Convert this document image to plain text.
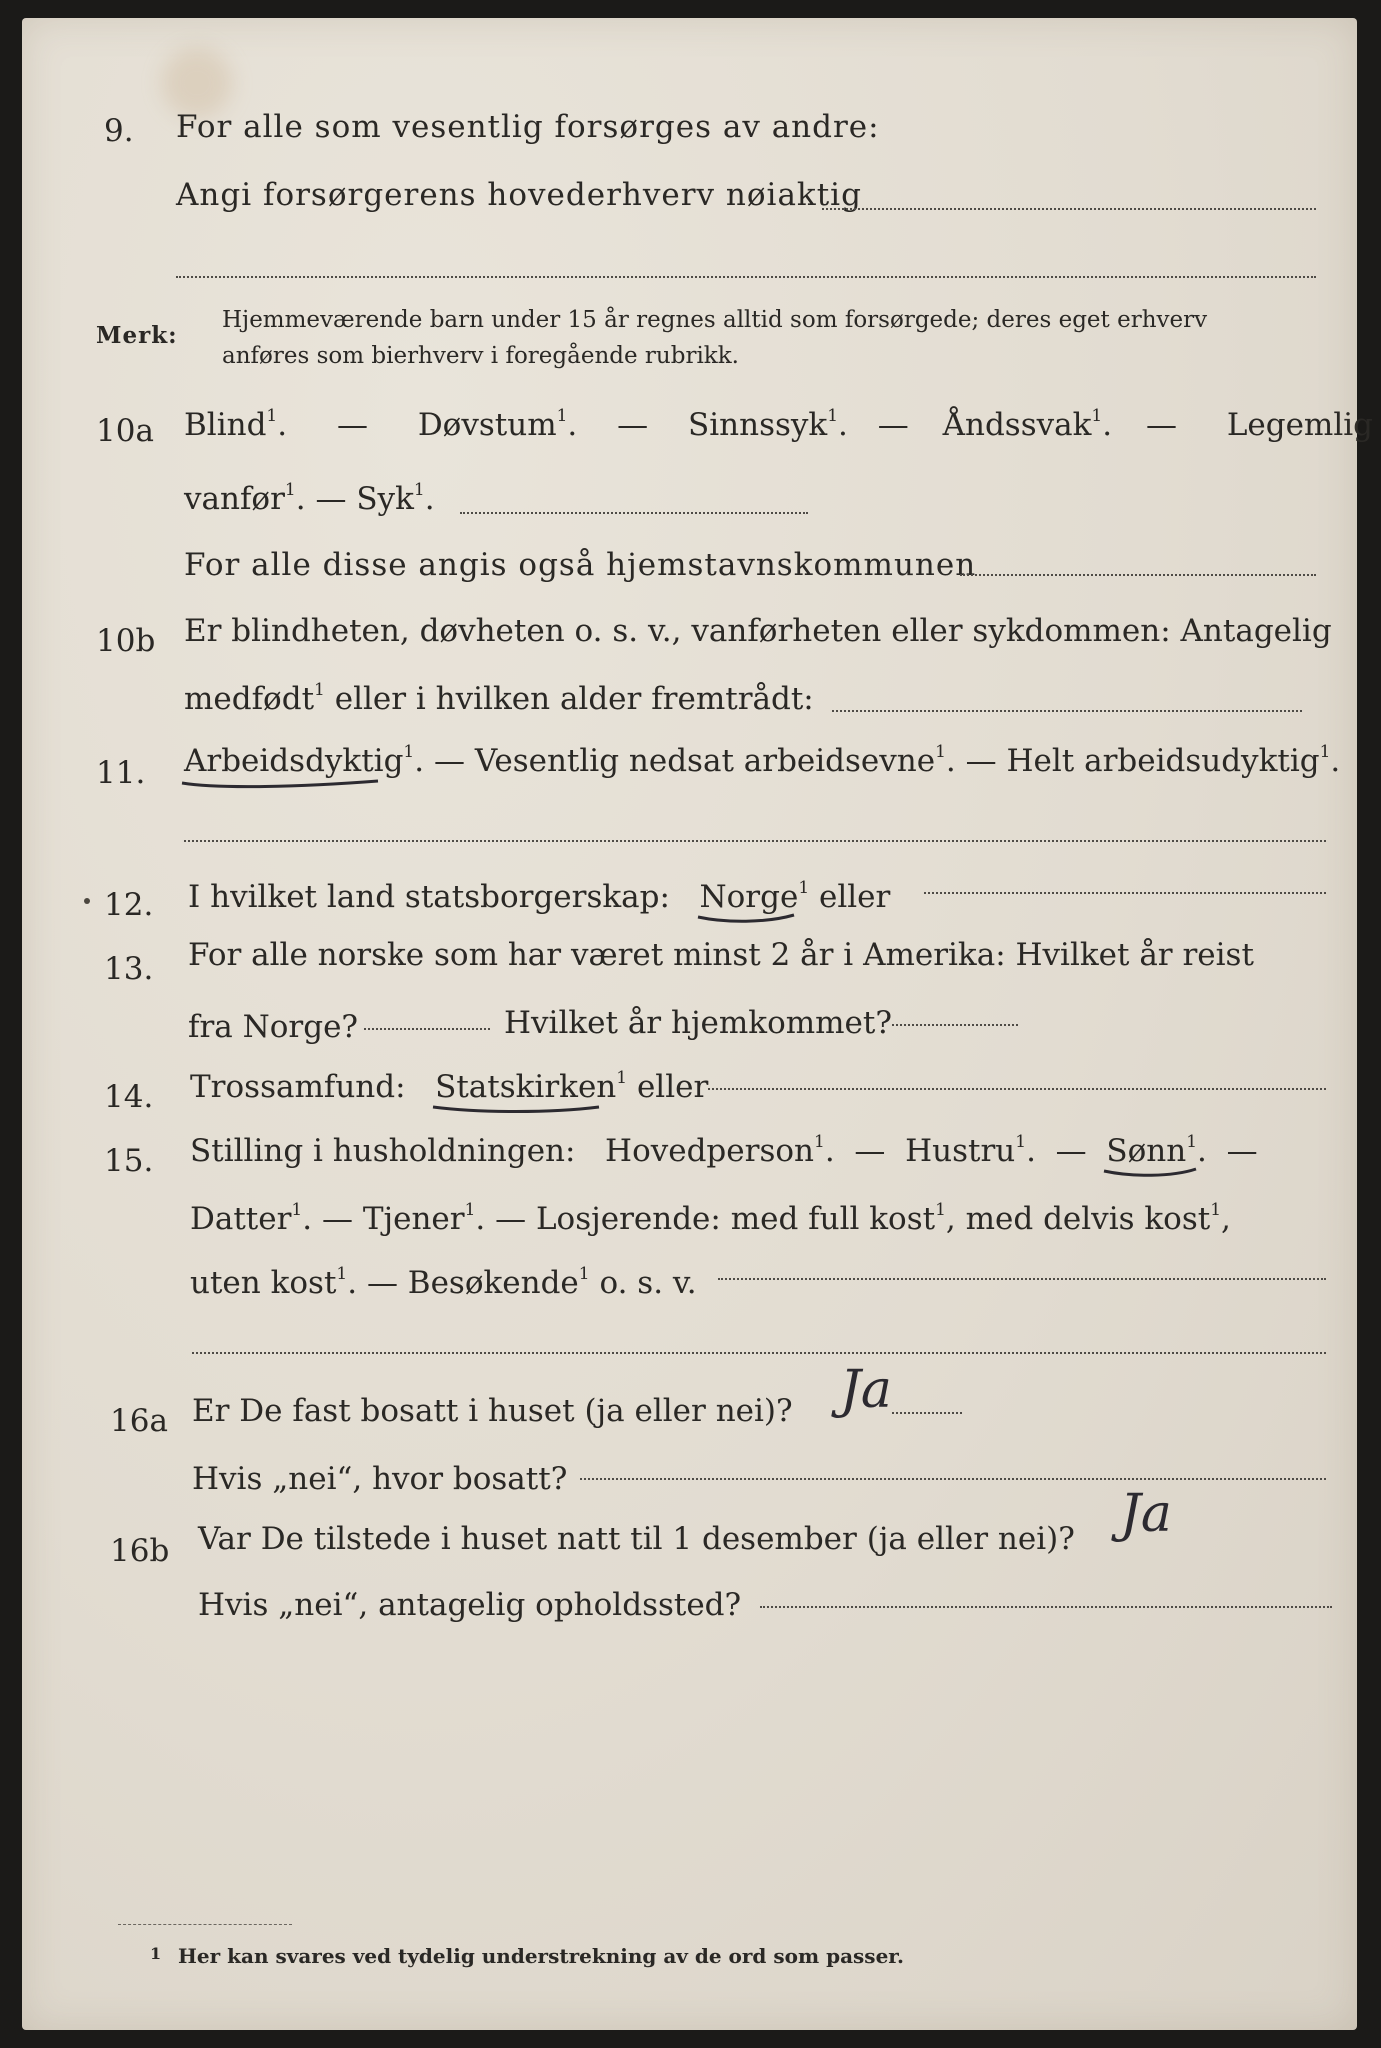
9. For alle som vesentlig forsørges av andre:
Angi forsørgerens hovederhverv nøiaktig
Merk:
Hjemmeværende barn under 15 år regnes alltid som forsørgede; deres eget erhverv
anføres som bierhverv i foregående rubrikk.
10a Blind$^1$. — Døvstum$^1$. — Sinnssyk$^1$. — Åndssvak$^1$. — Legemlig
vanfør$^1$. — Syk$^1$.
For alle disse angis også hjemstavnskommunen
10b Er blindheten, døvheten o. s. v., vanførheten eller sykdommen: Antagelig
medfødt$^1$ eller i hvilken alder fremtrådt:
11. Arbeidsdyktig
$^1$. — Vesentlig nedsat arbeidsevne$^1$. — Helt arbeidsudyktig$^1$.
12. I hvilket land statsborgerskap: Norge$^1$ eller
13. For alle norske som har været minst 2 år i Amerika: Hvilket år reist
fra Norge?	Hvilket år hjemkommet?
14. Trossamfund: Statskirken
$^1$ eller
15. Stilling i husholdningen: Hovedperson$^1$.  —  Hustru$^1$.  —  Sønn
$^1$.  —
Datter$^1$. — Tjener$^1$. — Losjerende: med full kost$^1$, med delvis kost$^1$,
uten kost$^1$. — Besøkende$^1$ o. s. v.
16a Er De fast bosatt i huset (ja eller nei)? Ja
Hvis „nei“, hvor bosatt?
16b Var De tilstede i huset natt til 1 desember (ja eller nei)? Ja
Hvis „nei“, antagelig opholdssted?
1 Her kan svares ved tydelig understrekning av de ord som passer.
